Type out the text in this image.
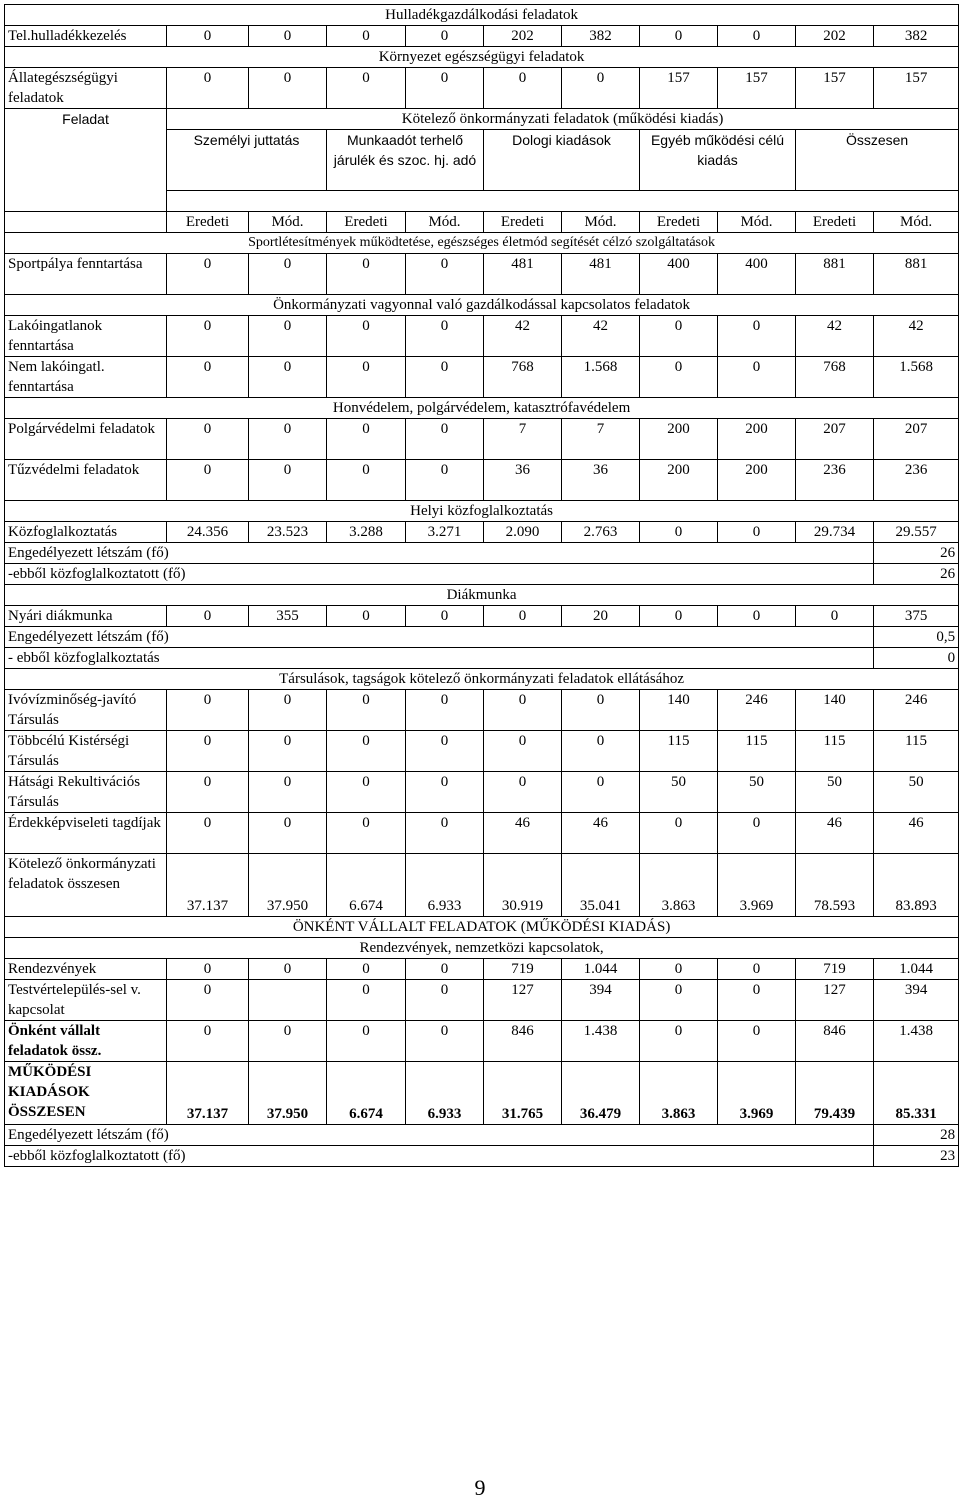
Hulladékgazdálkodási feladatok										
Tel.hulladékkezelés	0	0	0	0	202	382	0	0	202	382
Környezet egészségügyi feladatok										
Állategészségügyi feladatok	0	0	0	0	0	0	157	157	157	157
Feladat	Kötelező önkormányzati feladatok (működési kiadás)									
	Személyi juttatás		Munkaadót terhelő járulék és szoc. hj. adó		Dologi kiadások		Egyéb működési célú kiadás		Összesen	

	Eredeti	Mód.	Eredeti	Mód.	Eredeti	Mód.	Eredeti	Mód.	Eredeti	Mód.
Sportlétesítmények működtetése, egészséges életmód segítését célzó szolgáltatások										
Sportpálya fenntartása	0	0	0	0	481	481	400	400	881	881
Önkormányzati vagyonnal való gazdálkodással kapcsolatos feladatok										
Lakóingatlanok fenntartása	0	0	0	0	42	42	0	0	42	42
Nem lakóingatl. fenntartása	0	0	0	0	768	1.568	0	0	768	1.568
Honvédelem, polgárvédelem, katasztrófavédelem										
Polgárvédelmi feladatok	0	0	0	0	7	7	200	200	207	207
Tűzvédelmi feladatok	0	0	0	0	36	36	200	200	236	236
Helyi közfoglalkoztatás										
Közfoglalkoztatás	24.356	23.523	3.288	3.271	2.090	2.763	0	0	29.734	29.557
Engedélyezett létszám (fő)										26
-ebből közfoglalkoztatott (fő)										26
Diákmunka										
Nyári diákmunka	0	355	0	0	0	20	0	0	0	375
Engedélyezett létszám (fő)										0,5
- ebből közfoglalkoztatás										0
Társulások, tagságok kötelező önkormányzati feladatok ellátásához										
Ivóvízminőség-javító Társulás	0	0	0	0	0	0	140	246	140	246
Többcélú Kistérségi Társulás	0	0	0	0	0	0	115	115	115	115
Hátsági Rekultivációs Társulás	0	0	0	0	0	0	50	50	50	50
Érdekképviseleti tagdíjak	0	0	0	0	46	46	0	0	46	46
Kötelező önkormányzati feladatok összesen	37.137	37.950	6.674	6.933	30.919	35.041	3.863	3.969	78.593	83.893
ÖNKÉNT VÁLLALT FELADATOK (MŰKÖDÉSI KIADÁS)										
Rendezvények, nemzetközi kapcsolatok,										
Rendezvények	0	0	0	0	719	1.044	0	0	719	1.044
Testvértelepülés-sel v. kapcsolat	0		0	0	127	394	0	0	127	394
Önként vállalt feladatok össz.	0	0	0	0	846	1.438	0	0	846	1.438
MŰKÖDÉSI KIADÁSOK ÖSSZESEN	37.137	37.950	6.674	6.933	31.765	36.479	3.863	3.969	79.439	85.331
Engedélyezett létszám (fő)										28
-ebből közfoglalkoztatott (fő)										23
9
